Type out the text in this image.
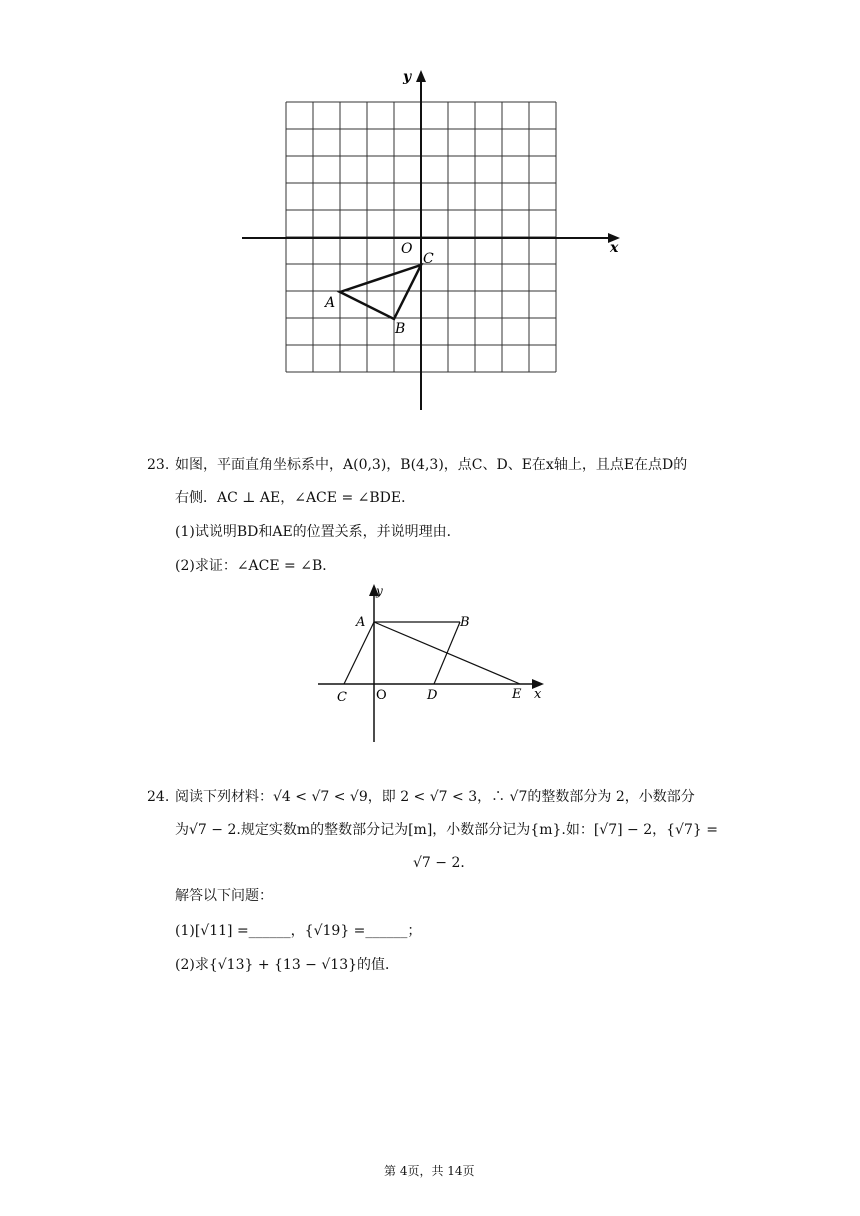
y
x
O
A
B
C
23. 如图，平面直角坐标系中，A(0,3)，B(4,3)，点C、D、E在x轴上，且点E在点D的
右侧．AC ⊥ AE，∠ACE = ∠BDE．
(1)试说明BD和AE的位置关系，并说明理由．
(2)求证：∠ACE = ∠B．
y
x
A	B
C O	D	E
24. 阅读下列材料：√4 < √7 < √9，即 2 < √7 < 3，∴ √7的整数部分为 2，小数部分
为√7 − 2.规定实数m的整数部分记为[m]，小数部分记为{m}.如：[√7] − 2，{√7} =
√7 − 2．
解答以下问题：
(1)[√11] =______，{√19} =______；
(2)求{√13} + {13 − √13}的值．
第 4页，共 14页
